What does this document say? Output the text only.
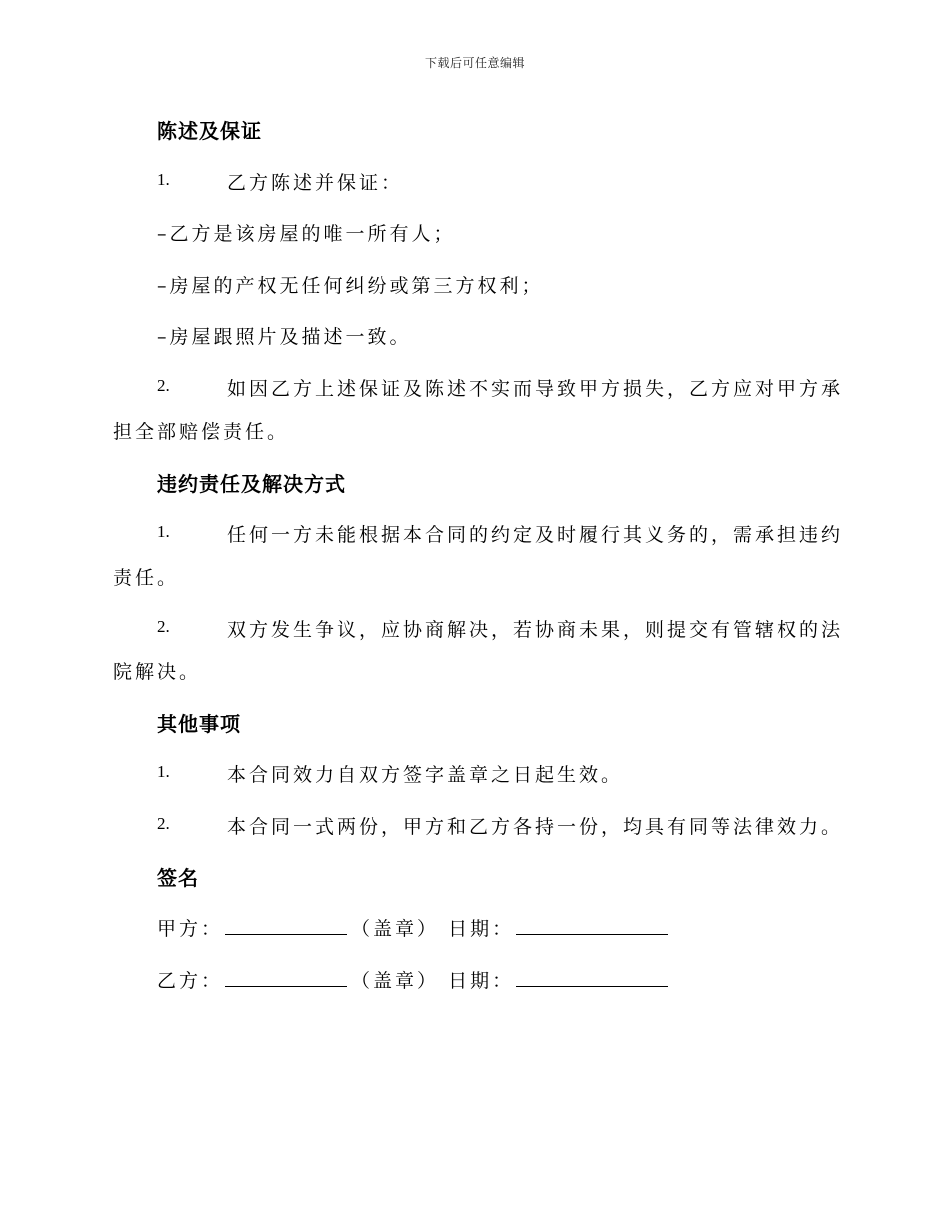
下载后可任意编辑
陈述及保证
1.	乙方陈述并保证：
–乙方是该房屋的唯一所有人；
–房屋的产权无任何纠纷或第三方权利；
–房屋跟照片及描述一致。
2.	如因乙方上述保证及陈述不实而导致甲方损失，乙方应对甲方承
担全部赔偿责任。
违约责任及解决方式
1.	任何一方未能根据本合同的约定及时履行其义务的，需承担违约
责任。
2.	双方发生争议，应协商解决，若协商未果，则提交有管辖权的法
院解决。
其他事项
1.	本合同效力自双方签字盖章之日起生效。
2.	本合同一式两份，甲方和乙方各持一份，均具有同等法律效力。
签名
甲方：	（盖章） 日期：
乙方：	（盖章） 日期：
